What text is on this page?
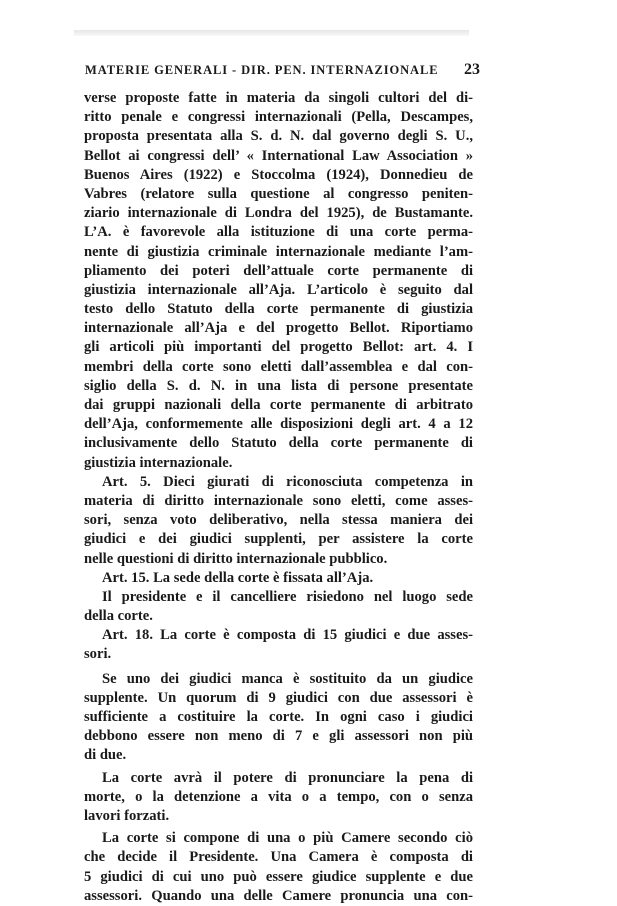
MATERIE GENERALI - DIR. PEN. INTERNAZIONALE 23
verse proposte fatte in materia da singoli cultori del di-
ritto penale e congressi internazionali (Pella, Descampes,
proposta presentata alla S. d. N. dal governo degli S. U.,
Bellot ai congressi dell’ « International Law Association »
Buenos Aires (1922) e Stoccolma (1924), Donnedieu de
Vabres (relatore sulla questione al congresso peniten-
ziario internazionale di Londra del 1925), de Bustamante.
L’A. è favorevole alla istituzione di una corte perma-
nente di giustizia criminale internazionale mediante l’am-
pliamento dei poteri dell’attuale corte permanente di
giustizia internazionale all’Aja. L’articolo è seguito dal
testo dello Statuto della corte permanente di giustizia
internazionale all’Aja e del progetto Bellot. Riportiamo
gli articoli più importanti del progetto Bellot: art. 4. I
membri della corte sono eletti dall’assemblea e dal con-
siglio della S. d. N. in una lista di persone presentate
dai gruppi nazionali della corte permanente di arbitrato
dell’Aja, conformemente alle disposizioni degli art. 4 a 12
inclusivamente dello Statuto della corte permanente di
giustizia internazionale.
Art. 5. Dieci giurati di riconosciuta competenza in
materia di diritto internazionale sono eletti, come asses-
sori, senza voto deliberativo, nella stessa maniera dei
giudici e dei giudici supplenti, per assistere la corte
nelle questioni di diritto internazionale pubblico.
Art. 15. La sede della corte è fissata all’Aja.
Il presidente e il cancelliere risiedono nel luogo sede
della corte.
Art. 18. La corte è composta di 15 giudici e due asses-
sori.
Se uno dei giudici manca è sostituito da un giudice
supplente. Un quorum di 9 giudici con due assessori è
sufficiente a costituire la corte. In ogni caso i giudici
debbono essere non meno di 7 e gli assessori non più
di due.
La corte avrà il potere di pronunciare la pena di
morte, o la detenzione a vita o a tempo, con o senza
lavori forzati.
La corte si compone di una o più Camere secondo ciò
che decide il Presidente. Una Camera è composta di
5 giudici di cui uno può essere giudice supplente e due
assessori. Quando una delle Camere pronuncia una con-
